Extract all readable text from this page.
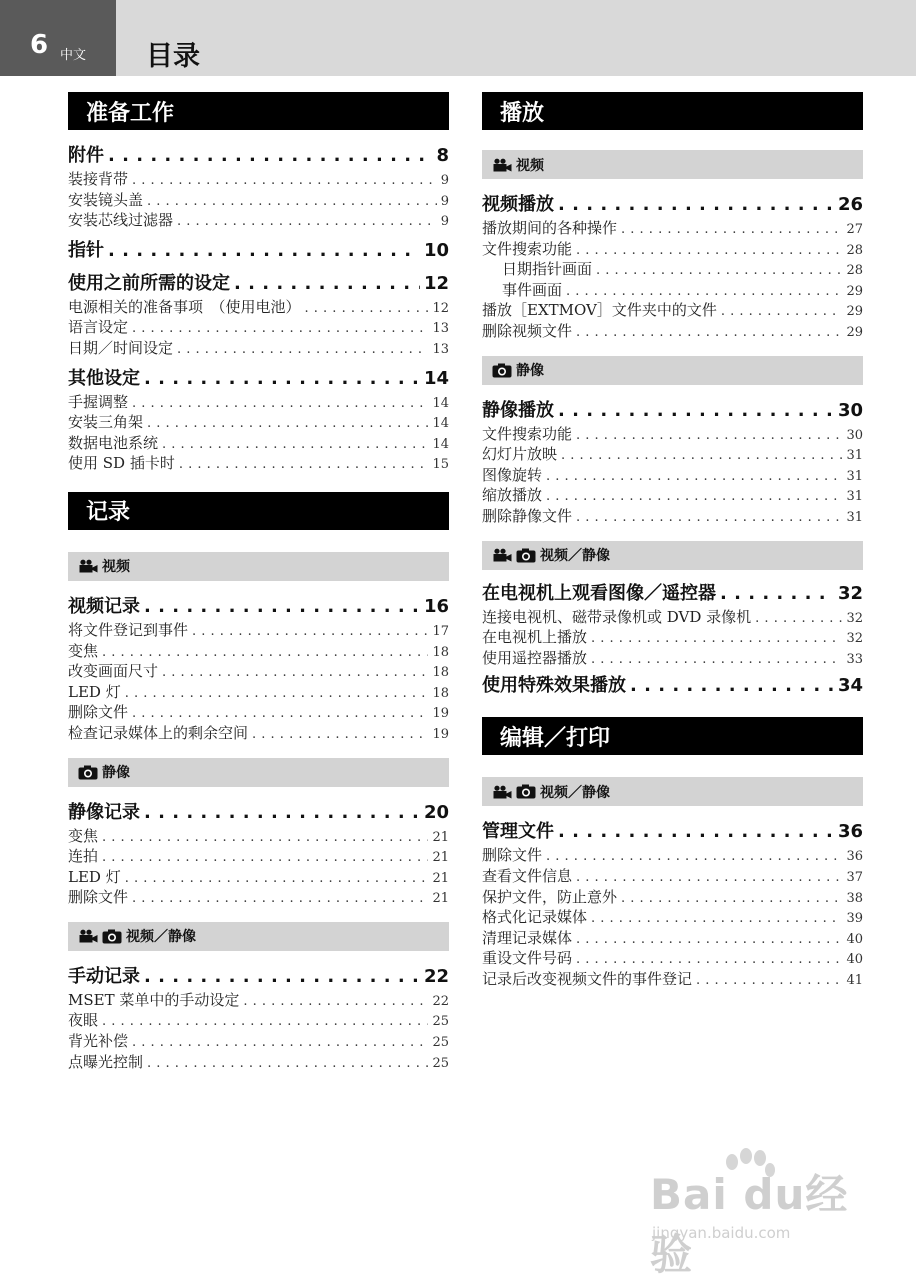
6 中文 目录
准备工作
附件 . . .	8
装接背带 . . .	9
安装镜头盖 . . .	9
安装芯线过滤器 . . .	9
指针 . . .	10
使用之前所需的设定 . . .	12
电源相关的准备事项　（使用电池） . . .	12
语言设定 . . .	13
日期／时间设定 . . .	13
其他设定 . . .	14
手握调整 . . .	14
安装三角架 . . .	14
数据电池系统 . . .	14
使用 SD 插卡时 . . .	15
记录
视频
视频记录 . . .	16
将文件登记到事件 . . .	17
变焦 . . .	18
改变画面尺寸 . . .	18
LED 灯 . . .	18
删除文件 . . .	19
检查记录媒体上的剩余空间 . . .	19
静像
静像记录 . . .	20
变焦 . . .	21
连拍 . . .	21
LED 灯 . . .	21
删除文件 . . .	21
视频／静像
手动记录 . . .	22
MSET 菜单中的手动设定 . . .	22
夜眼 . . .	25
背光补偿 . . .	25
点曝光控制 . . .	25
播放
视频
视频播放 . . .	26
播放期间的各种操作 . . .	27
文件搜索功能 . . .	28
日期指针画面 . . .	28
事件画面 . . .	29
播放［EXTMOV］文件夹中的文件 . . .	29
删除视频文件 . . .	29
静像
静像播放 . . .	30
文件搜索功能 . . .	30
幻灯片放映 . . .	31
图像旋转 . . .	31
缩放播放 . . .	31
删除静像文件 . . .	31
视频／静像
在电视机上观看图像／遥控器 . . .	32
连接电视机、磁带录像机或 DVD 录像机 . . .	32
在电视机上播放 . . .	32
使用遥控器播放 . . .	33
使用特殊效果播放 . . .	34
编辑／打印
视频／静像
管理文件 . . .	36
删除文件 . . .	36
查看文件信息 . . .	37
保护文件，防止意外 . . .	38
格式化记录媒体 . . .	39
清理记录媒体 . . .	40
重设文件号码 . . .	40
记录后改变视频文件的事件登记 . . .	41
Bai du经验
jingyan.baidu.com
